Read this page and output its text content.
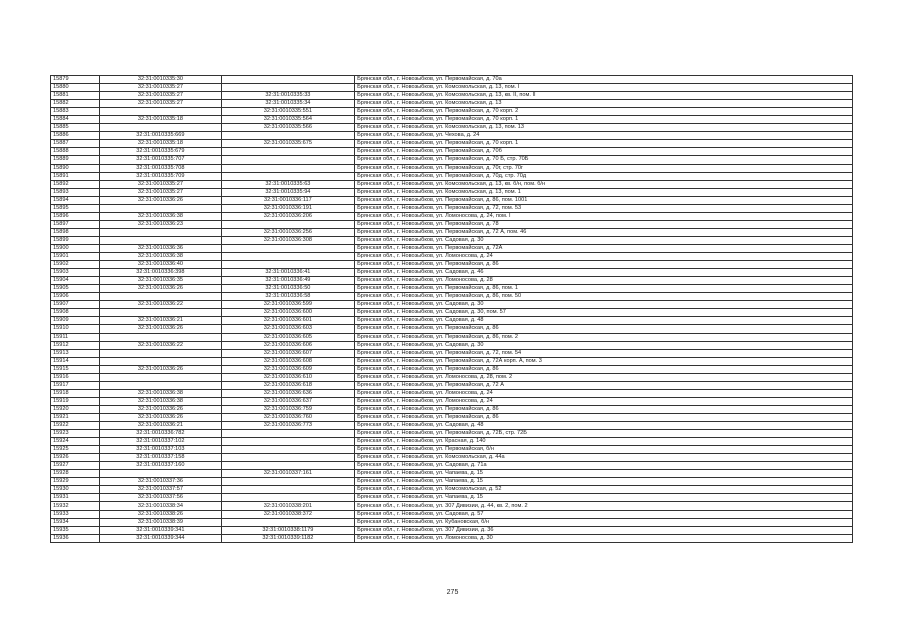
15879	32:31:0010335:30		Брянская обл., г. Новозыбков, ул. Первомайская, д. 70а
15880	32:31:0010335:27		Брянская обл., г. Новозыбков, ул. Комсомольская, д. 13, пом. I
15881	32:31:0010335:27	32:31:0010335:33	Брянская обл., г. Новозыбков, ул. Комсомольская, д. 13, кв. II, пом. II
15882	32:31:0010335:27	32:31:0010335:34	Брянская обл., г. Новозыбков, ул. Комсомольская, д. 13
15883		32:31:0010335:551	Брянская обл., г. Новозыбков, ул. Первомайская, д. 70 корп. 2
15884	32:31:0010335:18	32:31:0010335:564	Брянская обл., г. Новозыбков, ул. Первомайская, д. 70 корп. 1
15885		32:31:0010335:566	Брянская обл., г. Новозыбков, ул. Комсомольская, д. 13, пом. 13
15886	32:31:0010335:669		Брянская обл., г. Новозыбков, ул. Чехова, д. 24
15887	32:31:0010335:18	32:31:0010335:675	Брянская обл., г. Новозыбков, ул. Первомайская, д. 70 корп. 1
15888	32:31:0010335:679		Брянская обл., г. Новозыбков, ул. Первомайская, д. 70б
15889	32:31:0010335:707		Брянская обл., г. Новозыбков, ул. Первомайская, д. 70 Б, стр. 70Б
15890	32:31:0010335:708		Брянская обл., г. Новозыбков, ул. Первомайская, д. 70г, стр. 70г
15891	32:31:0010335:709		Брянская обл., г. Новозыбков, ул. Первомайская, д. 70д, стр. 70д
15892	32:31:0010335:27	32:31:0010335:63	Брянская обл., г. Новозыбков, ул. Комсомольская, д. 13, кв. б/н, пом. б/н
15893	32:31:0010335:27	32:31:0010335:94	Брянская обл., г. Новозыбков, ул. Комсомольская, д. 13, пом. 1
15894	32:31:0010336:26	32:31:0010336:117	Брянская обл., г. Новозыбков, ул. Первомайская, д. 86, пом. 1001
15895		32:31:0010336:191	Брянская обл., г. Новозыбков, ул. Первомайская, д. 72, пом. 53
15896	32:31:0010336:38	32:31:0010336:206	Брянская обл., г. Новозыбков, ул. Ломоносова, д. 24, пом. I
15897	32:31:0010336:23		Брянская обл., г. Новозыбков, ул. Первомайская, д. 78
15898		32:31:0010336:256	Брянская обл., г. Новозыбков, ул. Первомайская, д. 72 А, пом. 46
15899		32:31:0010336:308	Брянская обл., г. Новозыбков, ул. Садовая, д. 30
15900	32:31:0010336:36		Брянская обл., г. Новозыбков, ул. Первомайская, д. 72А
15901	32:31:0010336:38		Брянская обл., г. Новозыбков, ул. Ломоносова, д. 24
15902	32:31:0010336:40		Брянская обл., г. Новозыбков, ул. Первомайская, д. 86
15903	32:31:0010336:398	32:31:0010336:41	Брянская обл., г. Новозыбков, ул. Садовая, д. 46
15904	32:31:0010336:35	32:31:0010336:49	Брянская обл., г. Новозыбков, ул. Ломоносова, д. 28
15905	32:31:0010336:26	32:31:0010336:50	Брянская обл., г. Новозыбков, ул. Первомайская, д. 86, пом. 1
15906		32:31:0010336:58	Брянская обл., г. Новозыбков, ул. Первомайская, д. 86, пом. 50
15907	32:31:0010336:22	32:31:0010336:599	Брянская обл., г. Новозыбков, ул. Садовая, д. 30
15908		32:31:0010336:600	Брянская обл., г. Новозыбков, ул. Садовая, д. 30, пом. 57
15909	32:31:0010336:21	32:31:0010336:601	Брянская обл., г. Новозыбков, ул. Садовая, д. 48
15910	32:31:0010336:26	32:31:0010336:603	Брянская обл., г. Новозыбков, ул. Первомайская, д. 86
15911		32:31:0010336:605	Брянская обл., г. Новозыбков, ул. Первомайская, д. 86, пом. 2
15912	32:31:0010336:22	32:31:0010336:606	Брянская обл., г. Новозыбков, ул. Садовая, д. 30
15913		32:31:0010336:607	Брянская обл., г. Новозыбков, ул. Первомайская, д. 72, пом. 54
15914		32:31:0010336:608	Брянская обл., г. Новозыбков, ул. Первомайская, д. 72А корп. А, пом. 3
15915	32:31:0010336:26	32:31:0010336:609	Брянская обл., г. Новозыбков, ул. Первомайская, д. 86
15916		32:31:0010336:610	Брянская обл., г. Новозыбков, ул. Ломоносова, д. 28, пом. 2
15917		32:31:0010336:618	Брянская обл., г. Новозыбков, ул. Первомайская, д. 72 А
15918	32:31:0010336:38	32:31:0010336:636	Брянская обл., г. Новозыбков, ул. Ломоносова, д. 24
15919	32:31:0010336:38	32:31:0010336:637	Брянская обл., г. Новозыбков, ул. Ломоносова, д. 24
15920	32:31:0010336:26	32:31:0010336:759	Брянская обл., г. Новозыбков, ул. Первомайская, д. 86
15921	32:31:0010336:26	32:31:0010336:760	Брянская обл., г. Новозыбков, ул. Первомайская, д. 86
15922	32:31:0010336:21	32:31:0010336:773	Брянская обл., г. Новозыбков, ул. Садовая, д. 48
15923	32:31:0010336:782		Брянская обл., г. Новозыбков, ул. Первомайская, д. 72Б, стр. 72Б
15924	32:31:0010337:102		Брянская обл., г. Новозыбков, ул. Красная, д. 140
15925	32:31:0010337:103		Брянская обл., г. Новозыбков, ул. Первомайская, б/н
15926	32:31:0010337:158		Брянская обл., г. Новозыбков, ул. Комсомольская, д. 44а
15927	32:31:0010337:160		Брянская обл., г. Новозыбков, ул. Садовая, д. 71а
15928		32:31:0010337:161	Брянская обл., г. Новозыбков, ул. Чапаева, д. 15
15929	32:31:0010337:36		Брянская обл., г. Новозыбков, ул. Чапаева, д. 15
15930	32:31:0010337:57		Брянская обл., г. Новозыбков, ул. Комсомольская, д. 52
15931	32:31:0010337:56		Брянская обл., г. Новозыбков, ул. Чапаева, д. 15
15932	32:31:0010338:34	32:31:0010338:201	Брянская обл., г. Новозыбков, ул. 307 Дивизии, д. 44, кв. 2, пом. 2
15933	32:31:0010338:26	32:31:0010338:372	Брянская обл., г. Новозыбков, ул. Садовая, д. 57
15934	32:31:0010338:39		Брянская обл., г. Новозыбков, ул. Кубановская, б/н
15935	32:31:0010339:341	32:31:0010338:1179	Брянская обл., г. Новозыбков, ул. 307 Дивизии, д. 36
15936	32:31:0010339:344	32:31:0010339:1182	Брянская обл., г. Новозыбков, ул. Ломоносова, д. 30
275
